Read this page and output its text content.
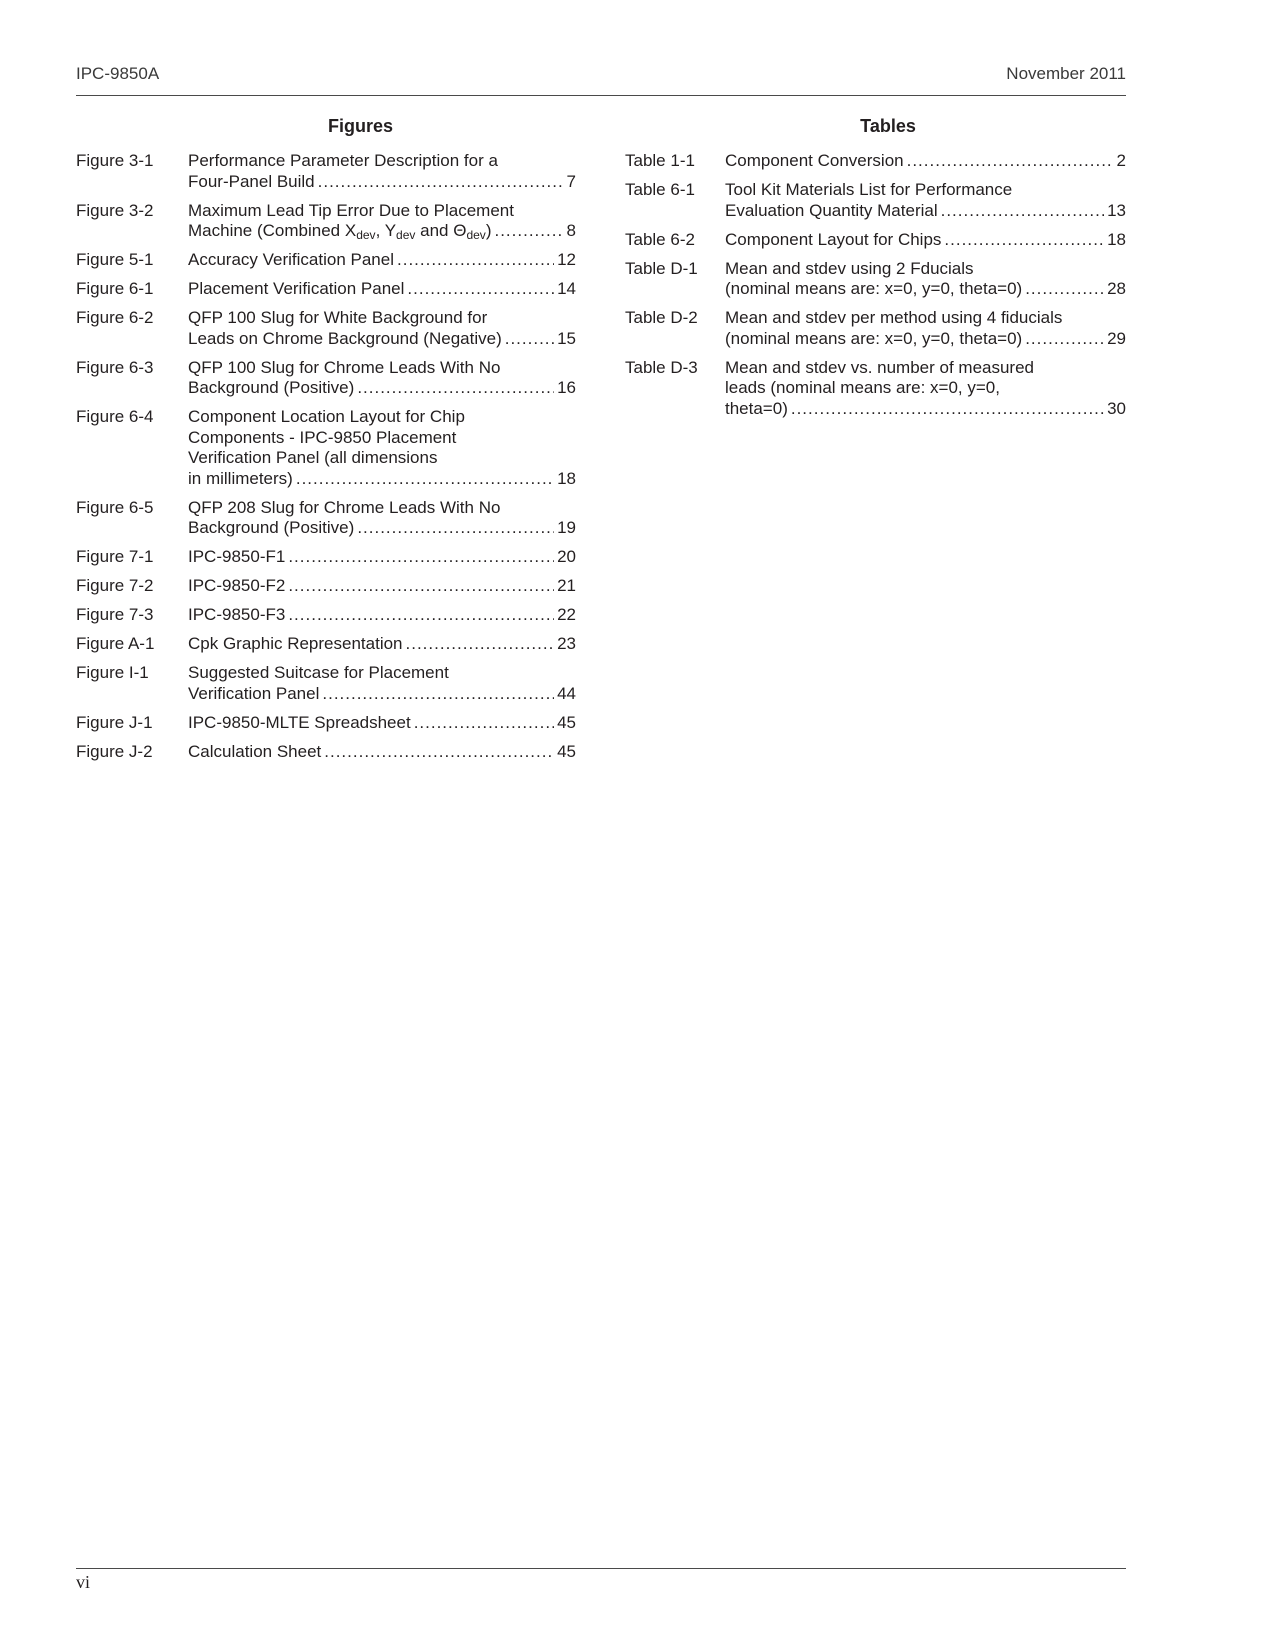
IPC-9850A	November 2011
Figures
Figure 3-1	Performance Parameter Description for a
Four-Panel Build .....	7
Figure 3-2	Maximum Lead Tip Error Due to Placement
Machine (Combined $X_{dev}$, $Y_{dev}$ and $\Theta_{dev}$) .....	8
Figure 5-1	Accuracy Verification Panel .....	12
Figure 6-1	Placement Verification Panel .....	14
Figure 6-2	QFP 100 Slug for White Background for
Leads on Chrome Background (Negative) .....	15
Figure 6-3	QFP 100 Slug for Chrome Leads With No
Background (Positive) .....	16
Figure 6-4	Component Location Layout for Chip
Components - IPC-9850 Placement
Verification Panel (all dimensions
in millimeters) .....	18
Figure 6-5	QFP 208 Slug for Chrome Leads With No
Background (Positive) .....	19
Figure 7-1	IPC-9850-F1 .....	20
Figure 7-2	IPC-9850-F2 .....	21
Figure 7-3	IPC-9850-F3 .....	22
Figure A-1	Cpk Graphic Representation .....	23
Figure I-1	Suggested Suitcase for Placement
Verification Panel .....	44
Figure J-1	IPC-9850-MLTE Spreadsheet .....	45
Figure J-2	Calculation Sheet .....	45
Tables
Table 1-1	Component Conversion .....	2
Table 6-1	Tool Kit Materials List for Performance
Evaluation Quantity Material .....	13
Table 6-2	Component Layout for Chips .....	18
Table D-1	Mean and stdev using 2 Fducials
(nominal means are: x=0, y=0, theta=0) .....	28
Table D-2	Mean and stdev per method using 4 fiducials
(nominal means are: x=0, y=0, theta=0) .....	29
Table D-3	Mean and stdev vs. number of measured
leads (nominal means are: x=0, y=0,
theta=0) .....	30
vi
